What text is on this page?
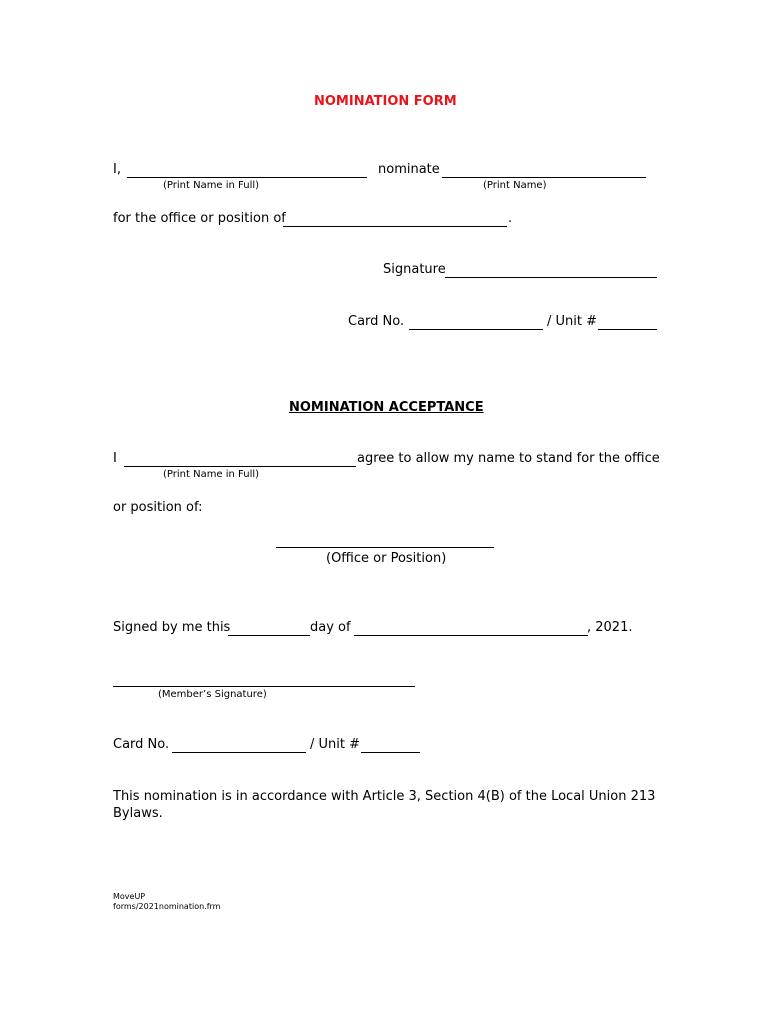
NOMINATION FORM
I,	nominate
(Print Name in Full)	(Print Name)
for the office or position of	.
Signature
Card No.	/ Unit #
NOMINATION ACCEPTANCE
I	agree to allow my name to stand for the office
(Print Name in Full)
or position of:
(Office or Position)
Signed by me this	day of	, 2021.
(Member’s Signature)
Card No.	/ Unit #
This nomination is in accordance with Article 3, Section 4(B) of the Local Union 213
Bylaws.
MoveUP
forms/2021nomination.frm
